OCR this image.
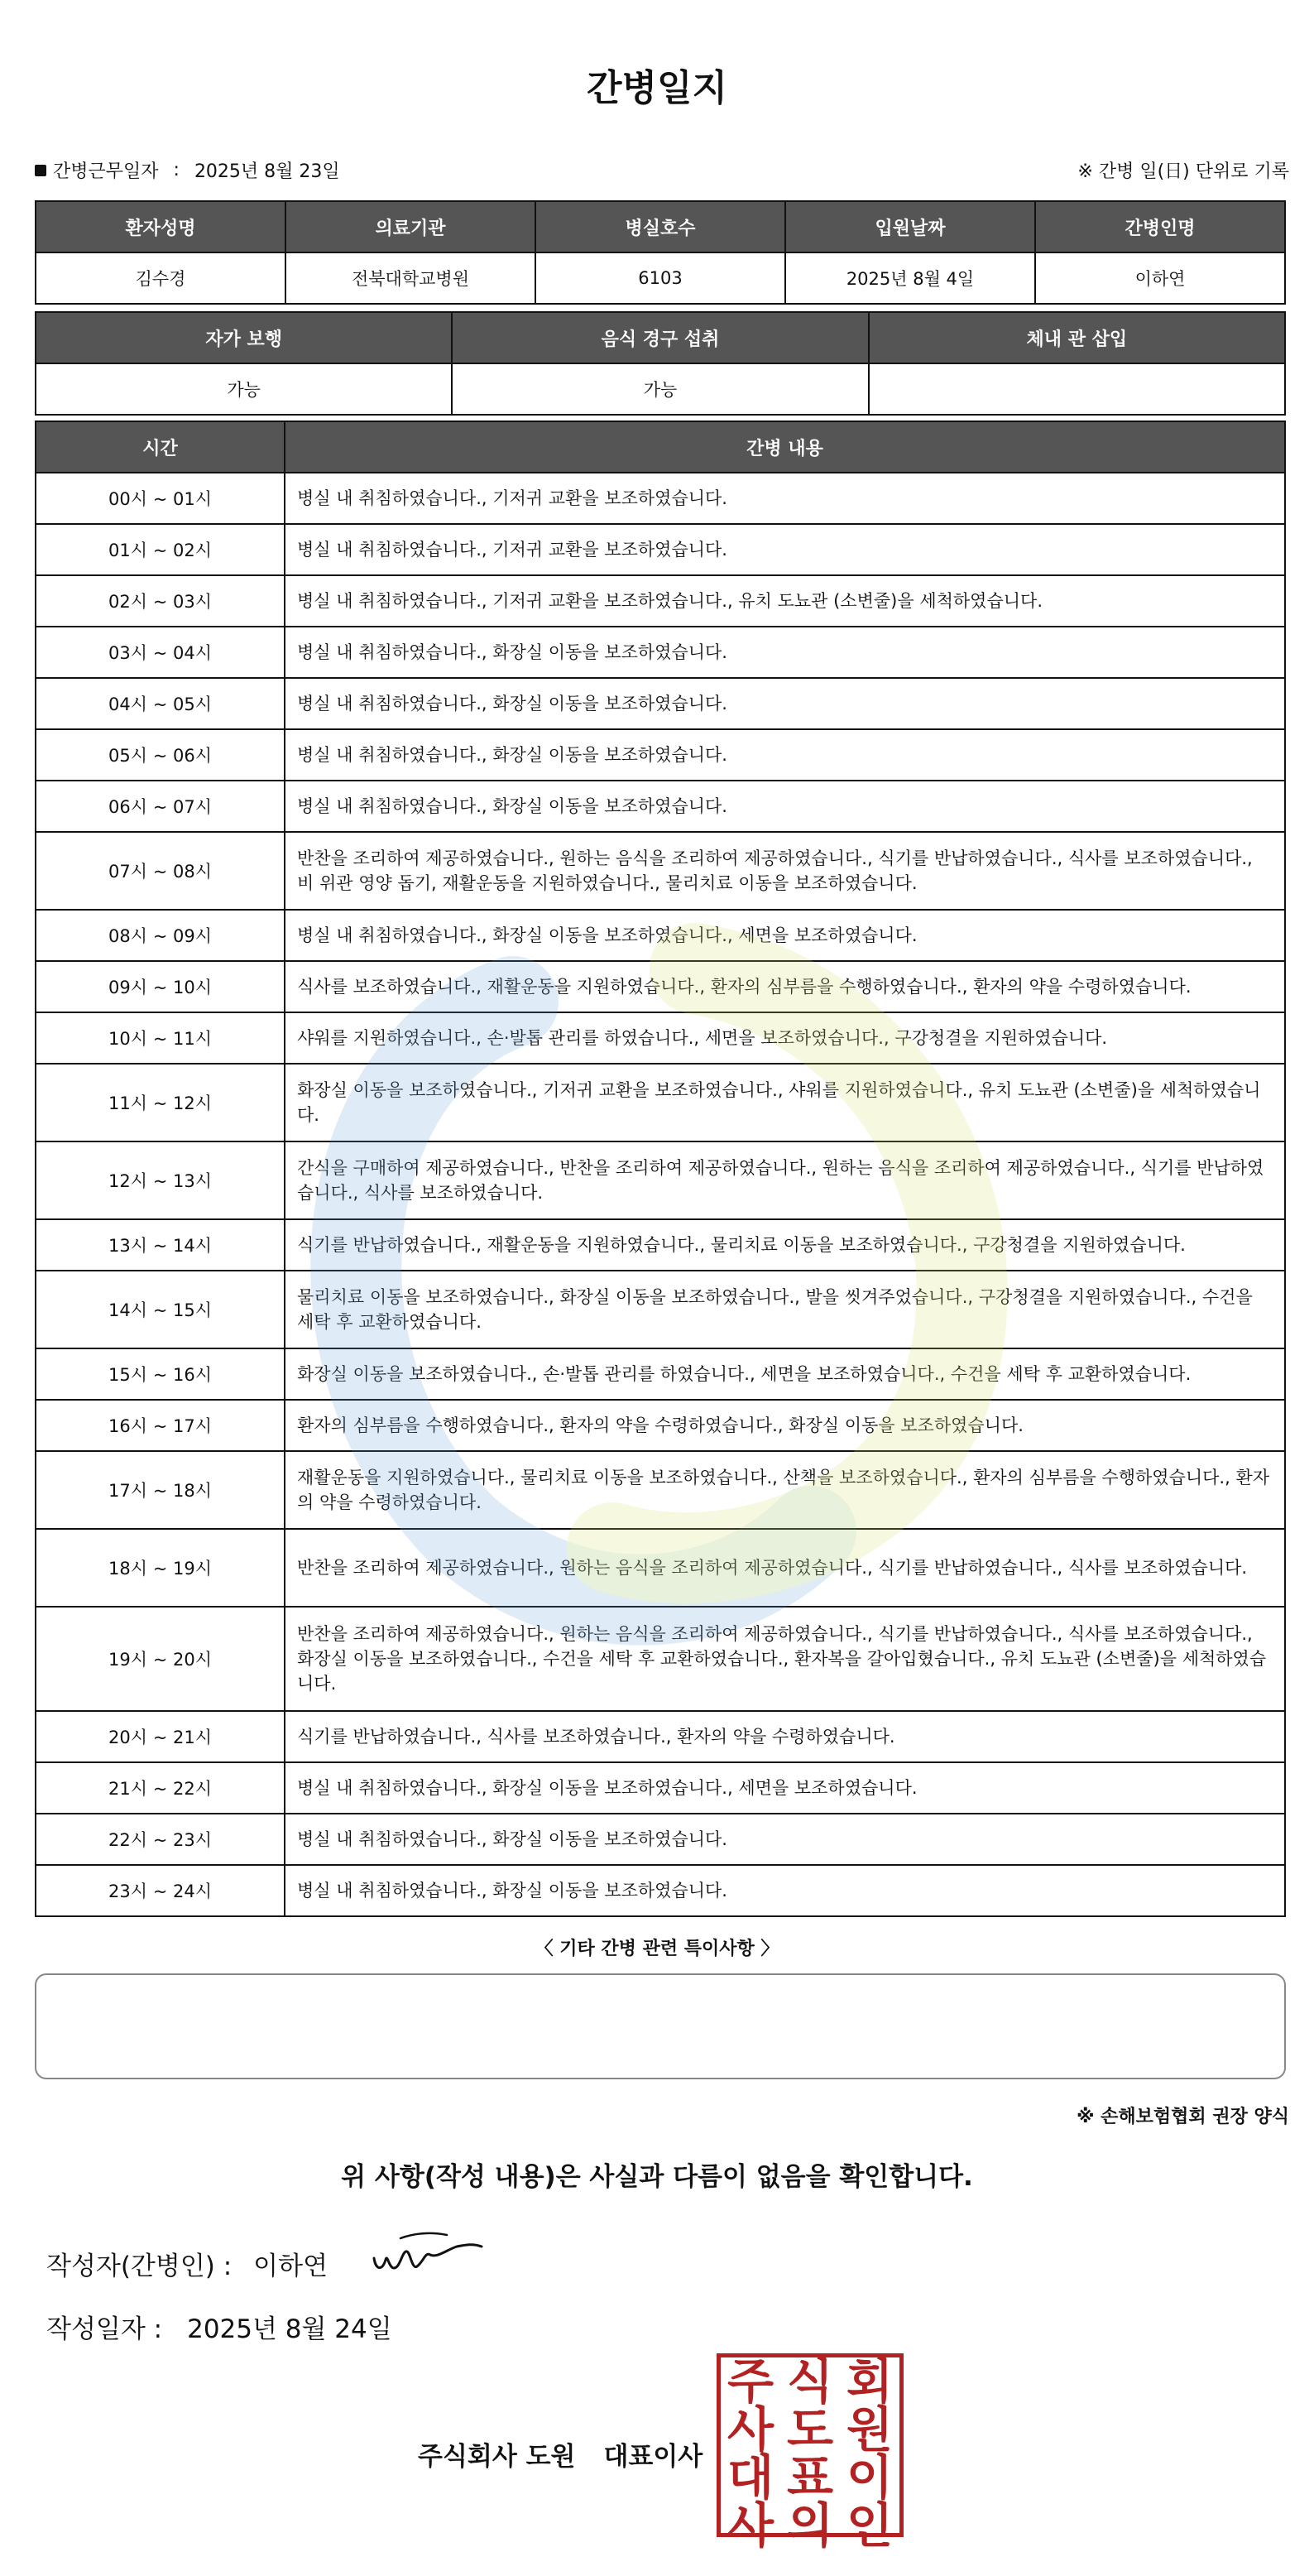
간병일지
간병근무일자 : 2025년 8월 23일	※ 간병 일(日) 단위로 기록
환자성명	의료기관	병실호수	입원날짜	간병인명
김수경	전북대학교병원	6103	2025년 8월 4일	이하연
자가 보행	음식 경구 섭취	체내 관 삽입
가능	가능	
시간	간병 내용
00시 ~ 01시	병실 내 취침하였습니다., 기저귀 교환을 보조하였습니다.
01시 ~ 02시	병실 내 취침하였습니다., 기저귀 교환을 보조하였습니다.
02시 ~ 03시	병실 내 취침하였습니다., 기저귀 교환을 보조하였습니다., 유치 도뇨관 (소변줄)을 세척하였습니다.
03시 ~ 04시	병실 내 취침하였습니다., 화장실 이동을 보조하였습니다.
04시 ~ 05시	병실 내 취침하였습니다., 화장실 이동을 보조하였습니다.
05시 ~ 06시	병실 내 취침하였습니다., 화장실 이동을 보조하였습니다.
06시 ~ 07시	병실 내 취침하였습니다., 화장실 이동을 보조하였습니다.
07시 ~ 08시	반찬을 조리하여 제공하였습니다., 원하는 음식을 조리하여 제공하였습니다., 식기를 반납하였습니다., 식사를 보조하였습니다., 비 위관 영양 돕기, 재활운동을 지원하였습니다., 물리치료 이동을 보조하였습니다.
08시 ~ 09시	병실 내 취침하였습니다., 화장실 이동을 보조하였습니다., 세면을 보조하였습니다.
09시 ~ 10시	식사를 보조하였습니다., 재활운동을 지원하였습니다., 환자의 심부름을 수행하였습니다., 환자의 약을 수령하였습니다.
10시 ~ 11시	샤워를 지원하였습니다., 손·발톱 관리를 하였습니다., 세면을 보조하였습니다., 구강청결을 지원하였습니다.
11시 ~ 12시	화장실 이동을 보조하였습니다., 기저귀 교환을 보조하였습니다., 샤워를 지원하였습니다., 유치 도뇨관 (소변줄)을 세척하였습니다.
12시 ~ 13시	간식을 구매하여 제공하였습니다., 반찬을 조리하여 제공하였습니다., 원하는 음식을 조리하여 제공하였습니다., 식기를 반납하였습니다., 식사를 보조하였습니다.
13시 ~ 14시	식기를 반납하였습니다., 재활운동을 지원하였습니다., 물리치료 이동을 보조하였습니다., 구강청결을 지원하였습니다.
14시 ~ 15시	물리치료 이동을 보조하였습니다., 화장실 이동을 보조하였습니다., 발을 씻겨주었습니다., 구강청결을 지원하였습니다., 수건을 세탁 후 교환하였습니다.
15시 ~ 16시	화장실 이동을 보조하였습니다., 손·발톱 관리를 하였습니다., 세면을 보조하였습니다., 수건을 세탁 후 교환하였습니다.
16시 ~ 17시	환자의 심부름을 수행하였습니다., 환자의 약을 수령하였습니다., 화장실 이동을 보조하였습니다.
17시 ~ 18시	재활운동을 지원하였습니다., 물리치료 이동을 보조하였습니다., 산책을 보조하였습니다., 환자의 심부름을 수행하였습니다., 환자의 약을 수령하였습니다.
18시 ~ 19시	반찬을 조리하여 제공하였습니다., 원하는 음식을 조리하여 제공하였습니다., 식기를 반납하였습니다., 식사를 보조하였습니다.
19시 ~ 20시	반찬을 조리하여 제공하였습니다., 원하는 음식을 조리하여 제공하였습니다., 식기를 반납하였습니다., 식사를 보조하였습니다., 화장실 이동을 보조하였습니다., 수건을 세탁 후 교환하였습니다., 환자복을 갈아입혔습니다., 유치 도뇨관 (소변줄)을 세척하였습니다.
20시 ~ 21시	식기를 반납하였습니다., 식사를 보조하였습니다., 환자의 약을 수령하였습니다.
21시 ~ 22시	병실 내 취침하였습니다., 화장실 이동을 보조하였습니다., 세면을 보조하였습니다.
22시 ~ 23시	병실 내 취침하였습니다., 화장실 이동을 보조하였습니다.
23시 ~ 24시	병실 내 취침하였습니다., 화장실 이동을 보조하였습니다.
〈 기타 간병 관련 특이사항 〉
※ 손해보험협회 권장 양식
위 사항(작성 내용)은 사실과 다름이 없음을 확인합니다.
작성자(간병인) : 이하연
작성일자 : 2025년 8월 24일
주식회사 도원 대표이사
주 식 회
사 도 원
대 표 이
사 의 인
